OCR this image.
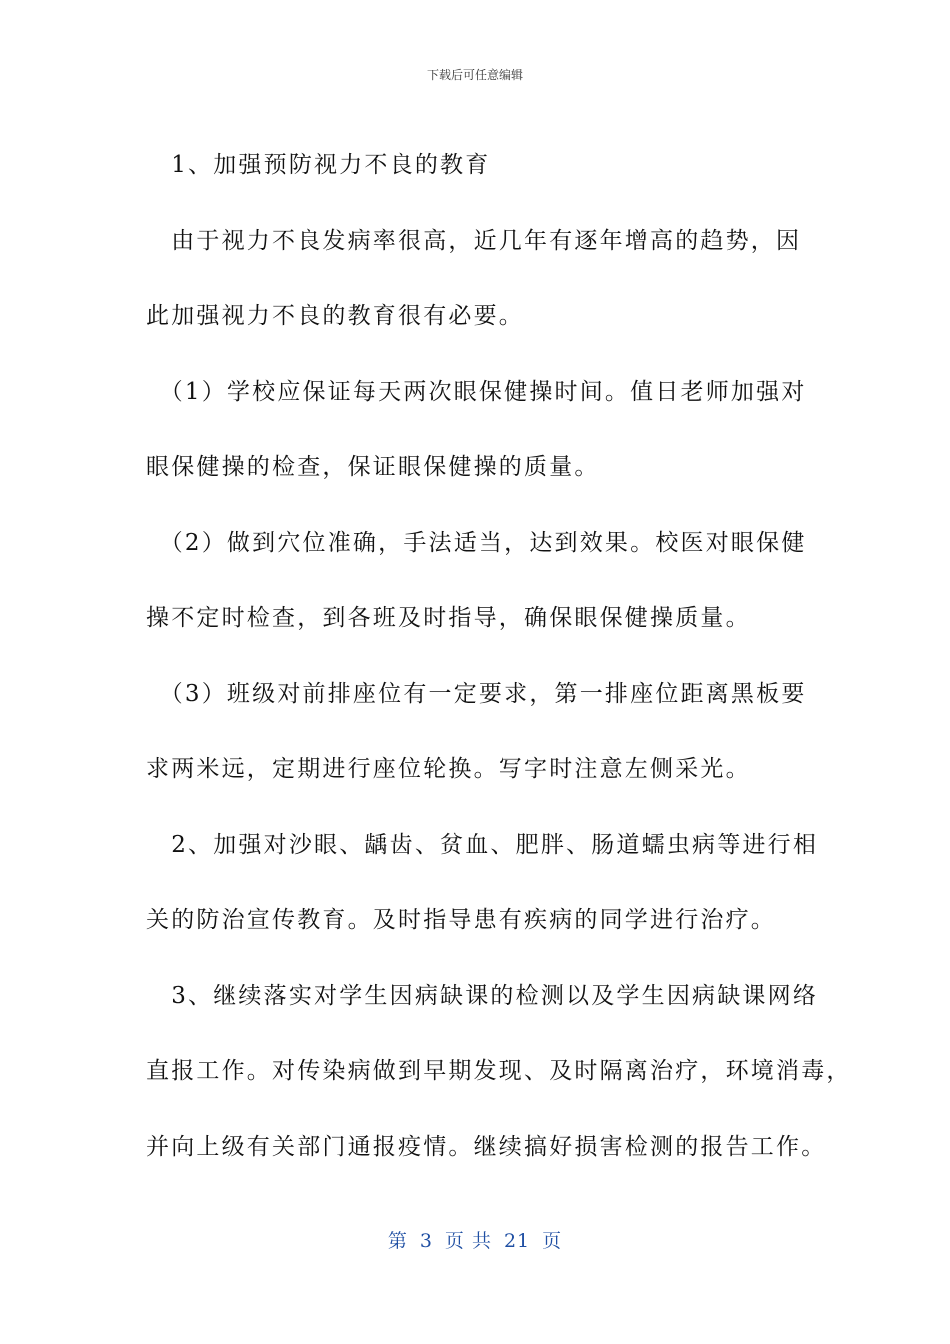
下载后可任意编辑

　1、加强预防视力不良的教育

　由于视力不良发病率很高，近几年有逐年增高的趋势，因

此加强视力不良的教育很有必要。

　（1）学校应保证每天两次眼保健操时间。值日老师加强对

眼保健操的检查，保证眼保健操的质量。

　（2）做到穴位准确，手法适当，达到效果。校医对眼保健

操不定时检查，到各班及时指导，确保眼保健操质量。

　（3）班级对前排座位有一定要求，第一排座位距离黑板要

求两米远，定期进行座位轮换。写字时注意左侧采光。

　2、加强对沙眼、龋齿、贫血、肥胖、肠道蠕虫病等进行相

关的防治宣传教育。及时指导患有疾病的同学进行治疗。

　3、继续落实对学生因病缺课的检测以及学生因病缺课网络

直报工作。对传染病做到早期发现、及时隔离治疗，环境消毒，

并向上级有关部门通报疫情。继续搞好损害检测的报告工作。

第 3 页 共 21 页
